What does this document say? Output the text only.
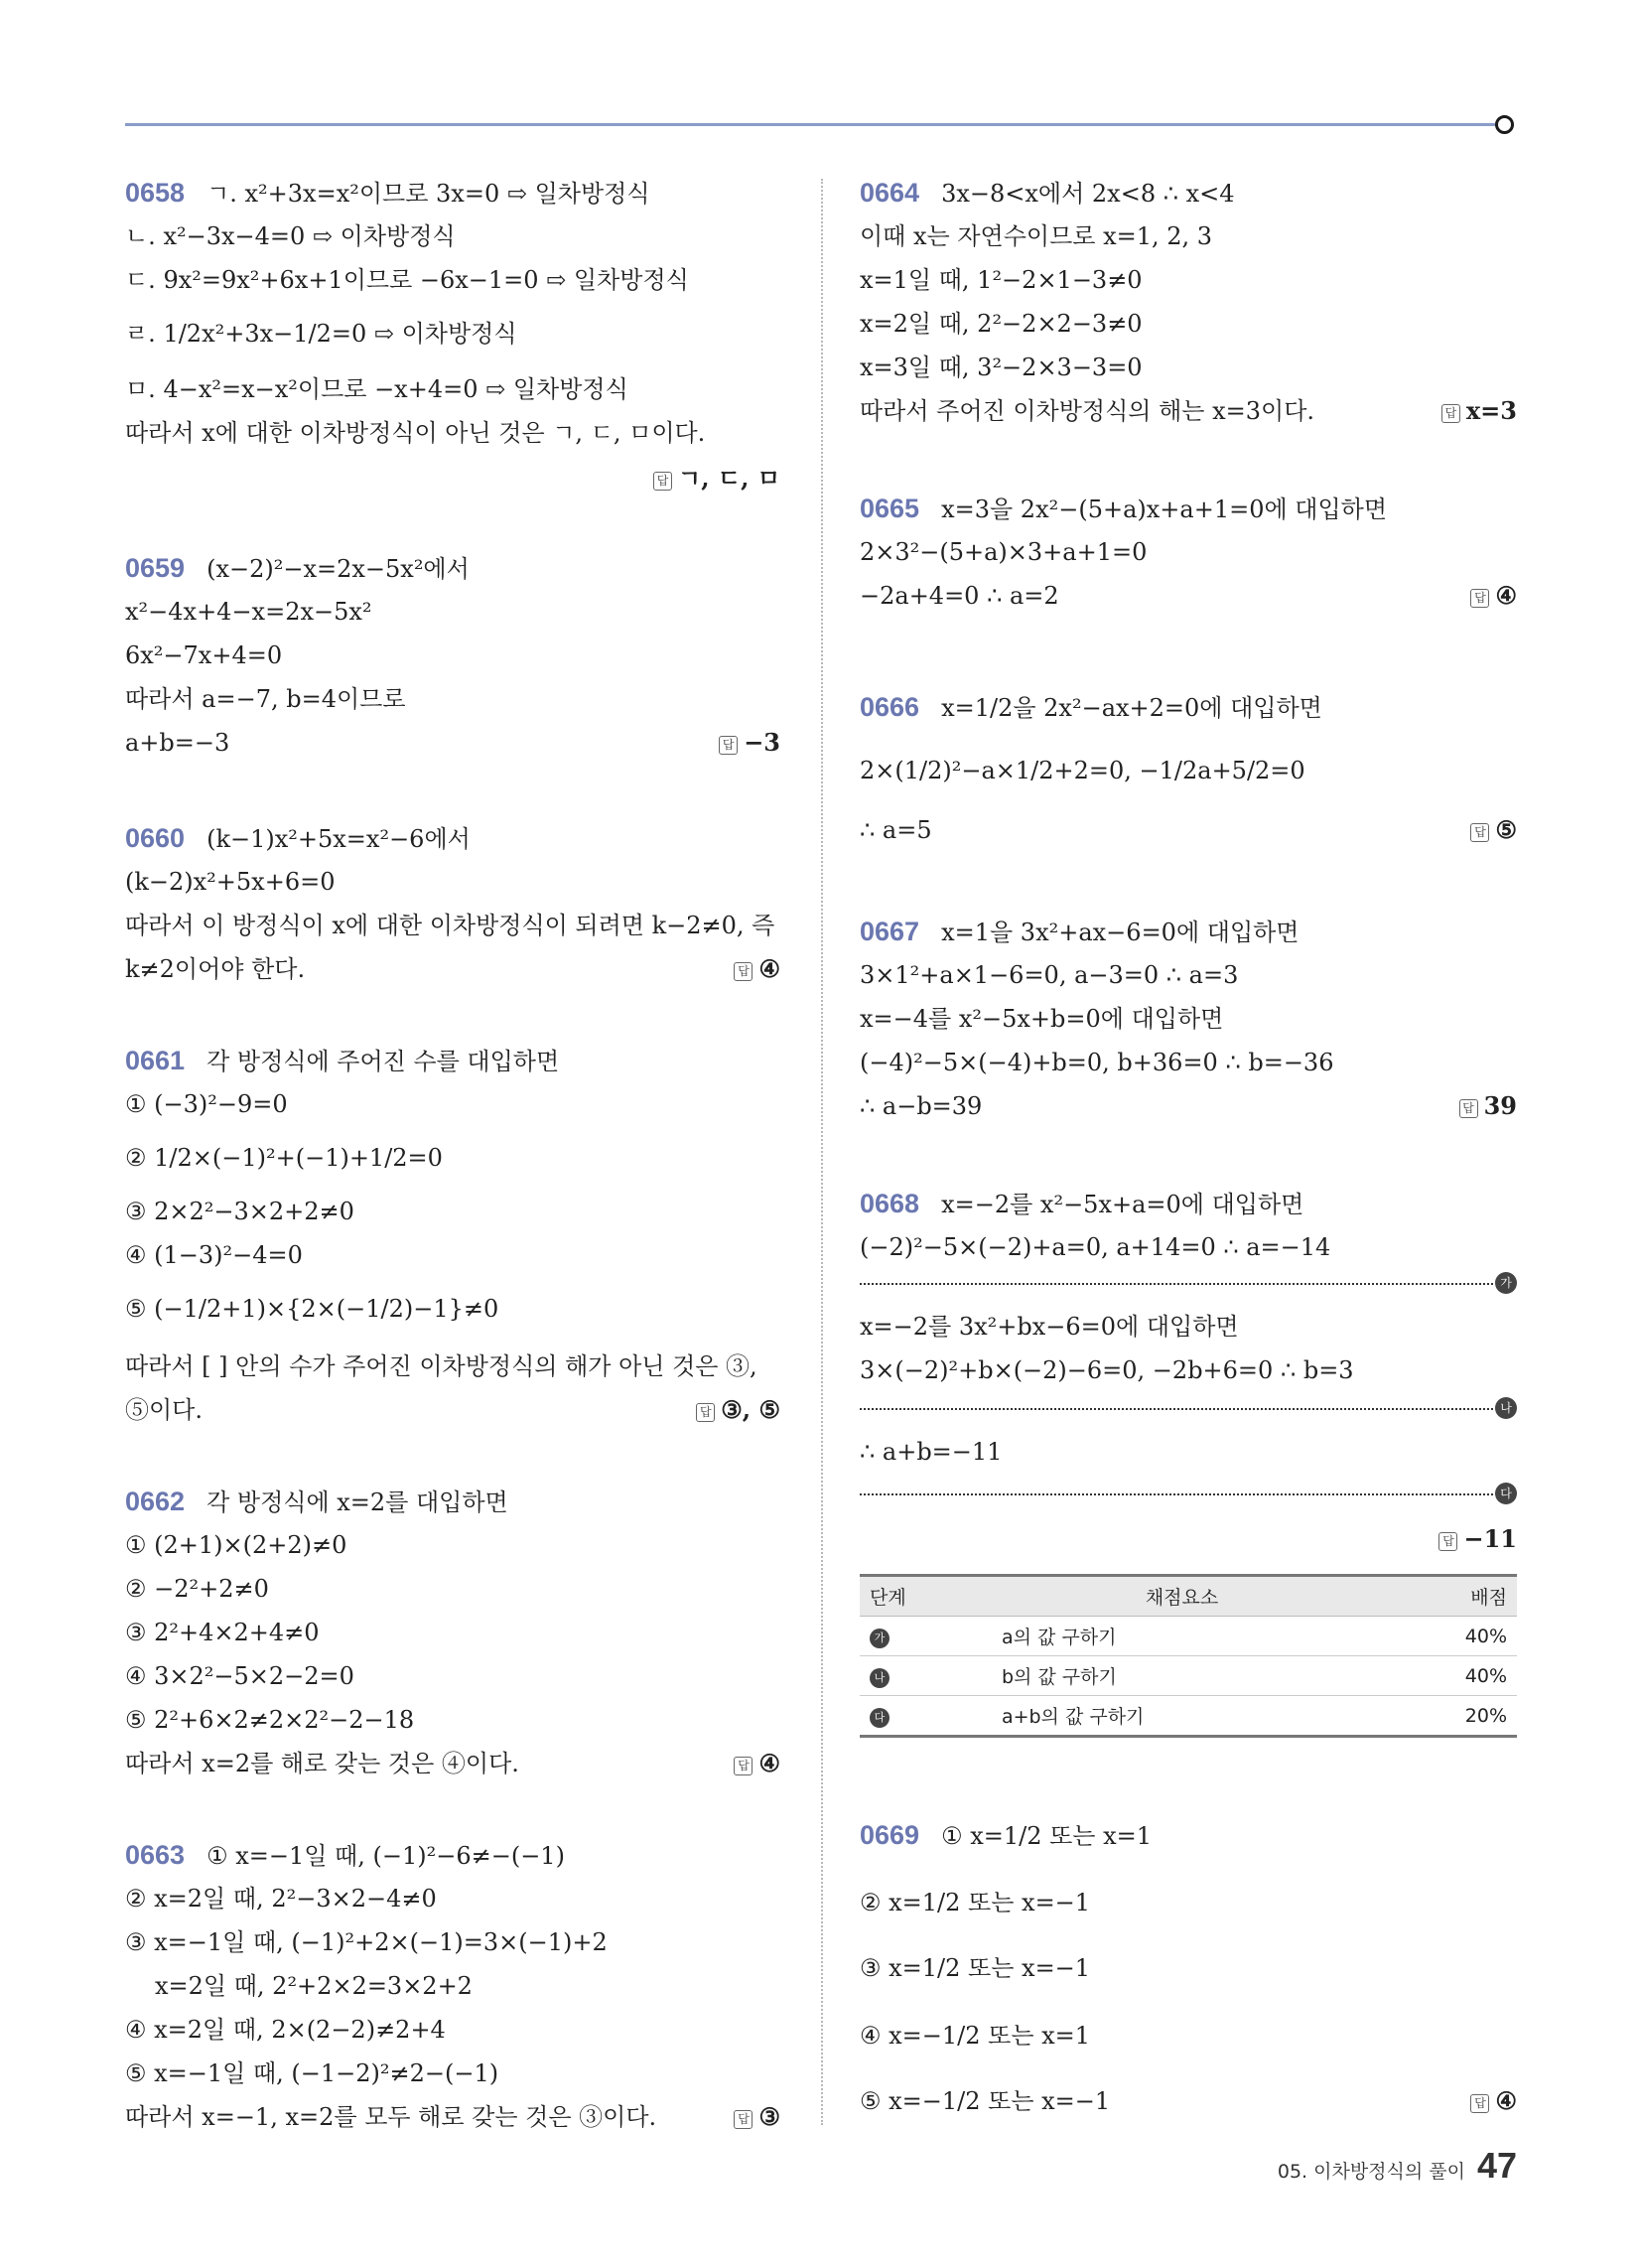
0658 ㄱ. x²+3x=x²이므로 3x=0 ⇨ 일차방정식
ㄴ. x²−3x−4=0 ⇨ 이차방정식
ㄷ. 9x²=9x²+6x+1이므로 −6x−1=0 ⇨ 일차방정식
ㄹ. 1/2x²+3x−1/2=0 ⇨ 이차방정식
ㅁ. 4−x²=x−x²이므로 −x+4=0 ⇨ 일차방정식
따라서 x에 대한 이차방정식이 아닌 것은 ㄱ, ㄷ, ㅁ이다.
답 ㄱ, ㄷ, ㅁ
0659 (x−2)²−x=2x−5x²에서
x²−4x+4−x=2x−5x²
6x²−7x+4=0
따라서 a=−7, b=4이므로
a+b=−3	답 −3
0660 (k−1)x²+5x=x²−6에서
(k−2)x²+5x+6=0
따라서 이 방정식이 x에 대한 이차방정식이 되려면 k−2≠0, 즉
k≠2이어야 한다.	답 ④
0661 각 방정식에 주어진 수를 대입하면
① (−3)²−9=0
② 1/2×(−1)²+(−1)+1/2=0
③ 2×2²−3×2+2≠0
④ (1−3)²−4=0
⑤ (−1/2+1)×{2×(−1/2)−1}≠0
따라서 [ ] 안의 수가 주어진 이차방정식의 해가 아닌 것은 ③,
⑤이다.	답 ③, ⑤
0662 각 방정식에 x=2를 대입하면
① (2+1)×(2+2)≠0
② −2²+2≠0
③ 2²+4×2+4≠0
④ 3×2²−5×2−2=0
⑤ 2²+6×2≠2×2²−2−18
따라서 x=2를 해로 갖는 것은 ④이다.	답 ④
0663 ① x=−1일 때, (−1)²−6≠−(−1)
② x=2일 때, 2²−3×2−4≠0
③ x=−1일 때, (−1)²+2×(−1)=3×(−1)+2
x=2일 때, 2²+2×2=3×2+2
④ x=2일 때, 2×(2−2)≠2+4
⑤ x=−1일 때, (−1−2)²≠2−(−1)
따라서 x=−1, x=2를 모두 해로 갖는 것은 ③이다.	답 ③
0664 3x−8<x에서 2x<8 ∴ x<4
이때 x는 자연수이므로 x=1, 2, 3
x=1일 때, 1²−2×1−3≠0
x=2일 때, 2²−2×2−3≠0
x=3일 때, 3²−2×3−3=0
따라서 주어진 이차방정식의 해는 x=3이다.	답 x=3
0665 x=3을 2x²−(5+a)x+a+1=0에 대입하면
2×3²−(5+a)×3+a+1=0
−2a+4=0 ∴ a=2	답 ④
0666 x=1/2을 2x²−ax+2=0에 대입하면
2×(1/2)²−a×1/2+2=0, −1/2a+5/2=0
∴ a=5	답 ⑤
0667 x=1을 3x²+ax−6=0에 대입하면
3×1²+a×1−6=0, a−3=0 ∴ a=3
x=−4를 x²−5x+b=0에 대입하면
(−4)²−5×(−4)+b=0, b+36=0 ∴ b=−36
∴ a−b=39	답 39
0668 x=−2를 x²−5x+a=0에 대입하면
(−2)²−5×(−2)+a=0, a+14=0 ∴ a=−14
가
x=−2를 3x²+bx−6=0에 대입하면
3×(−2)²+b×(−2)−6=0, −2b+6=0 ∴ b=3
나
∴ a+b=−11
다
답 −11
단계	채점요소	배점
가	a의 값 구하기	40%
나	b의 값 구하기	40%
다	a+b의 값 구하기	20%
0669 ① x=1/2 또는 x=1
② x=1/2 또는 x=−1
③ x=1/2 또는 x=−1
④ x=−1/2 또는 x=1
⑤ x=−1/2 또는 x=−1	답 ④
05. 이차방정식의 풀이 47
